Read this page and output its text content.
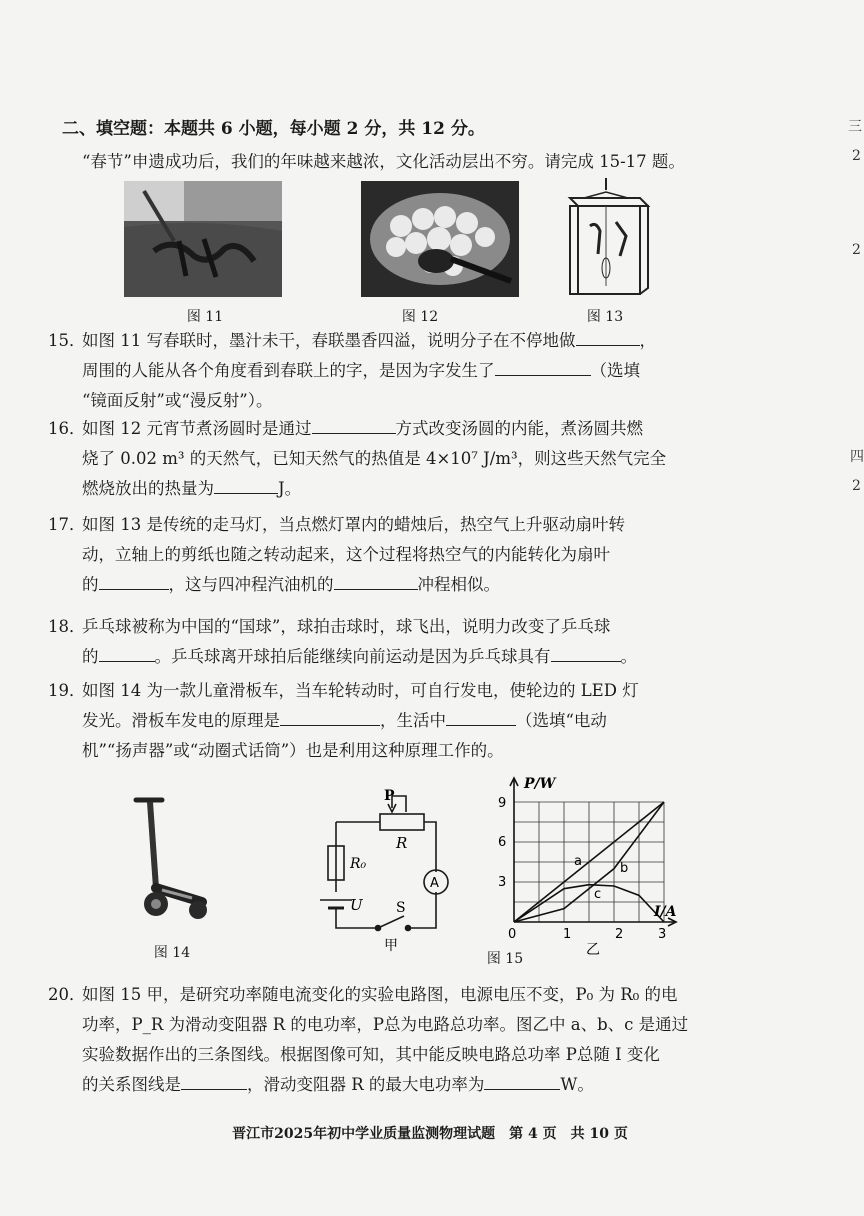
二、填空题：本题共 6 小题，每小题 2 分，共 12 分。
“春节”申遗成功后，我们的年味越来越浓，文化活动层出不穷。请完成 15-17 题。
图 11	图 12	图 13
15．如图 11 写春联时，墨汁未干，春联墨香四溢，说明分子在不停地做	，
周围的人能从各个角度看到春联上的字，是因为字发生了	（选填
“镜面反射”或“漫反射”）。
16．如图 12 元宵节煮汤圆时是通过	方式改变汤圆的内能，煮汤圆共燃
烧了 0.02 m³ 的天然气，已知天然气的热值是 4×10⁷ J/m³，则这些天然气完全
燃烧放出的热量为	J。
17．如图 13 是传统的走马灯，当点燃灯罩内的蜡烛后，热空气上升驱动扇叶转
动，立轴上的剪纸也随之转动起来，这个过程将热空气的内能转化为扇叶
的	，这与四冲程汽油机的	冲程相似。
18．乒乓球被称为中国的“国球”，球拍击球时，球飞出，说明力改变了乒乓球
的	。乒乓球离开球拍后能继续向前运动是因为乒乓球具有	。
19．如图 14 为一款儿童滑板车，当车轮转动时，可自行发电，使轮边的 LED 灯
发光。滑板车发电的原理是	，生活中	（选填“电动
机”“扬声器”或“动圈式话筒”）也是利用这种原理工作的。
图 14
P
R
R₀
U S
A
甲
P/W
I/A
9
6
3
0	1	2	3
a	b
c
乙
图 15
20．如图 15 甲，是研究功率随电流变化的实验电路图，电源电压不变，P₀ 为 R₀ 的电
功率，P_R 为滑动变阻器 R 的电功率，P总为电路总功率。图乙中 a、b、c 是通过
实验数据作出的三条图线。根据图像可知，其中能反映电路总功率 P总随 I 变化
的关系图线是	，滑动变阻器 R 的最大电功率为	W。
晋江市2025年初中学业质量监测物理试题　第 4 页　共 10 页
三
2
2
四
2
